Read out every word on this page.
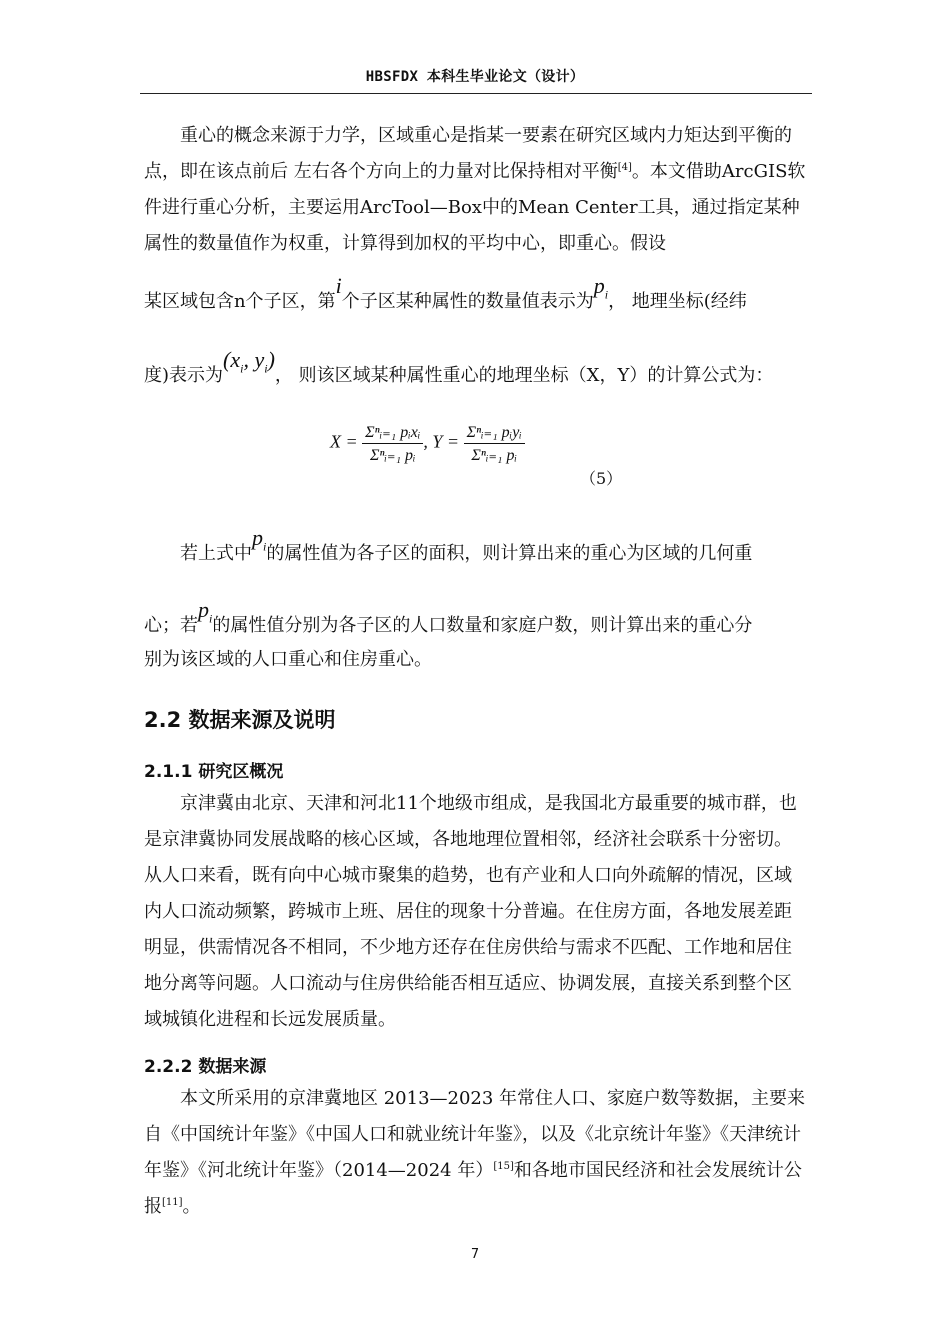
HBSFDX 本科生毕业论文（设计）

重心的概念来源于力学，区域重心是指某一要素在研究区域内力矩达到平衡的点，即在该点前后 左右各个方向上的力量对比保持相对平衡[4]。本文借助ArcGIS软件进行重心分析，主要运用ArcTool—Box中的Mean Center工具，通过指定某种属性的数量值作为权重，计算得到加权的平均中心，即重心。假设

某区域包含n个子区，第i个子区某种属性的数量值表示为$p_i$， 地理坐标(经纬

度)表示为($x_i$, $y_i$)， 则该区域某种属性重心的地理坐标（X，Y）的计算公式为：

$X = \frac{\text{Σⁿᵢ₌₁ pᵢxᵢ}}{\text{Σⁿᵢ₌₁ pᵢ}}$ , $Y = \frac{\text{Σⁿᵢ₌₁ pᵢyᵢ}}{\text{Σⁿᵢ₌₁ pᵢ}}$
（5）

若上式中$p_i$的属性值为各子区的面积，则计算出来的重心为区域的几何重

心；若$p_i$的属性值分别为各子区的人口数量和家庭户数，则计算出来的重心分

别为该区域的人口重心和住房重心。

2.2 数据来源及说明
2.1.1 研究区概况

京津冀由北京、天津和河北11个地级市组成，是我国北方最重要的城市群，也是京津冀协同发展战略的核心区域，各地地理位置相邻，经济社会联系十分密切。从人口来看，既有向中心城市聚集的趋势，也有产业和人口向外疏解的情况，区域内人口流动频繁，跨城市上班、居住的现象十分普遍。在住房方面，各地发展差距明显，供需情况各不相同，不少地方还存在住房供给与需求不匹配、工作地和居住地分离等问题。人口流动与住房供给能否相互适应、协调发展，直接关系到整个区域城镇化进程和长远发展质量。

2.2.2 数据来源

本文所采用的京津冀地区 2013—2023 年常住人口、家庭户数等数据，主要来自《中国统计年鉴》《中国人口和就业统计年鉴》，以及《北京统计年鉴》《天津统计年鉴》《河北统计年鉴》（2014—2024 年）[15]和各地市国民经济和社会发展统计公报[11]。

7
